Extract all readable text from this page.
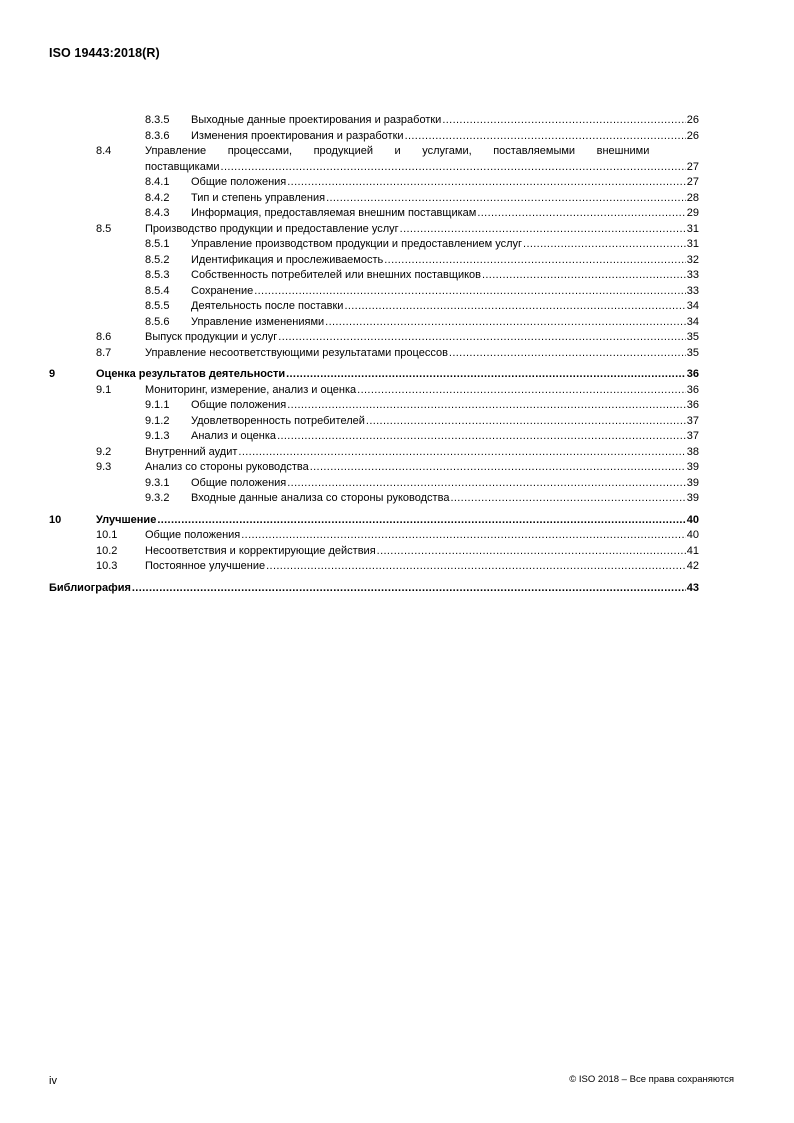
ISO 19443:2018(R)
8.3.5 Выходные данные проектирования и разработки . . .	26
8.3.6 Изменения проектирования и разработки . . .	26
8.4	Управление процессами, продукцией и услугами, поставляемыми внешними
поставщиками . . .	27
8.4.1 Общие положения . . .	27
8.4.2 Тип и степень управления . . .	28
8.4.3 Информация, предоставляемая внешним поставщикам . . .	29
8.5	Производство продукции и предоставление услуг . . .	31
8.5.1 Управление производством продукции и предоставлением услуг . . .	31
8.5.2 Идентификация и прослеживаемость . . .	32
8.5.3 Собственность потребителей или внешних поставщиков . . .	33
8.5.4 Сохранение . . .	33
8.5.5 Деятельность после поставки . . .	34
8.5.6 Управление изменениями . . .	34
8.6	Выпуск продукции и услуг . . .	35
8.7	Управление несоответствующими результатами процессов . . .	35
9	Оценка результатов деятельности . . .	36
9.1	Мониторинг, измерение, анализ и оценка . . .	36
9.1.1 Общие положения . . .	36
9.1.2 Удовлетворенность потребителей . . .	37
9.1.3 Анализ и оценка . . .	37
9.2	Внутренний аудит . . .	38
9.3	Анализ со стороны руководства . . .	39
9.3.1 Общие положения . . .	39
9.3.2 Входные данные анализа со стороны руководства . . .	39
10	Улучшение . . .	40
10.1	Общие положения . . .	40
10.2	Несоответствия и корректирующие действия . . .	41
10.3	Постоянное улучшение . . .	42
Библиография . . .	43
iv	© ISO 2018 – Все права сохраняются
